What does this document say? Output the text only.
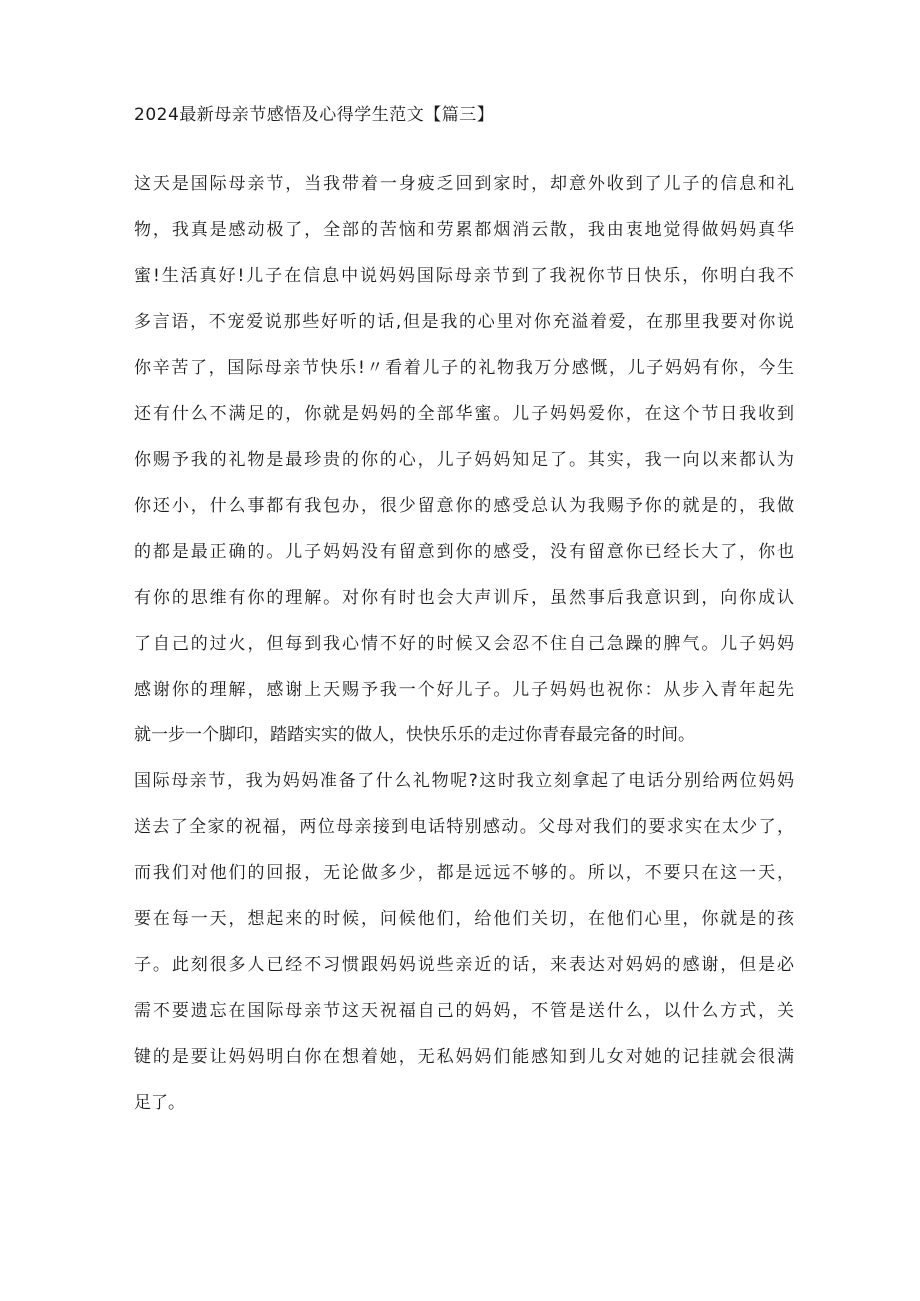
2024最新母亲节感悟及心得学生范文【篇三】
这天是国际母亲节，当我带着一身疲乏回到家时，却意外收到了儿子的信息和礼
物，我真是感动极了，全部的苦恼和劳累都烟消云散，我由衷地觉得做妈妈真华
蜜!生活真好!儿子在信息中说妈妈国际母亲节到了我祝你节日快乐，你明白我不
多言语，不宠爱说那些好听的话,但是我的心里对你充溢着爱，在那里我要对你说
你辛苦了，国际母亲节快乐!〃看着儿子的礼物我万分感慨，儿子妈妈有你，今生
还有什么不满足的，你就是妈妈的全部华蜜。儿子妈妈爱你，在这个节日我收到
你赐予我的礼物是最珍贵的你的心，儿子妈妈知足了。其实，我一向以来都认为
你还小，什么事都有我包办，很少留意你的感受总认为我赐予你的就是的，我做
的都是最正确的。儿子妈妈没有留意到你的感受，没有留意你已经长大了，你也
有你的思维有你的理解。对你有时也会大声训斥，虽然事后我意识到，向你成认
了自己的过火，但每到我心情不好的时候又会忍不住自己急躁的脾气。儿子妈妈
感谢你的理解，感谢上天赐予我一个好儿子。儿子妈妈也祝你：从步入青年起先
就一步一个脚印，踏踏实实的做人，快快乐乐的走过你青春最完备的时间。
国际母亲节，我为妈妈准备了什么礼物呢?这时我立刻拿起了电话分别给两位妈妈
送去了全家的祝福，两位母亲接到电话特别感动。父母对我们的要求实在太少了，
而我们对他们的回报，无论做多少，都是远远不够的。所以，不要只在这一天，
要在每一天，想起来的时候，问候他们，给他们关切，在他们心里，你就是的孩
子。此刻很多人已经不习惯跟妈妈说些亲近的话，来表达对妈妈的感谢，但是必
需不要遗忘在国际母亲节这天祝福自己的妈妈，不管是送什么，以什么方式，关
键的是要让妈妈明白你在想着她，无私妈妈们能感知到儿女对她的记挂就会很满
足了。
